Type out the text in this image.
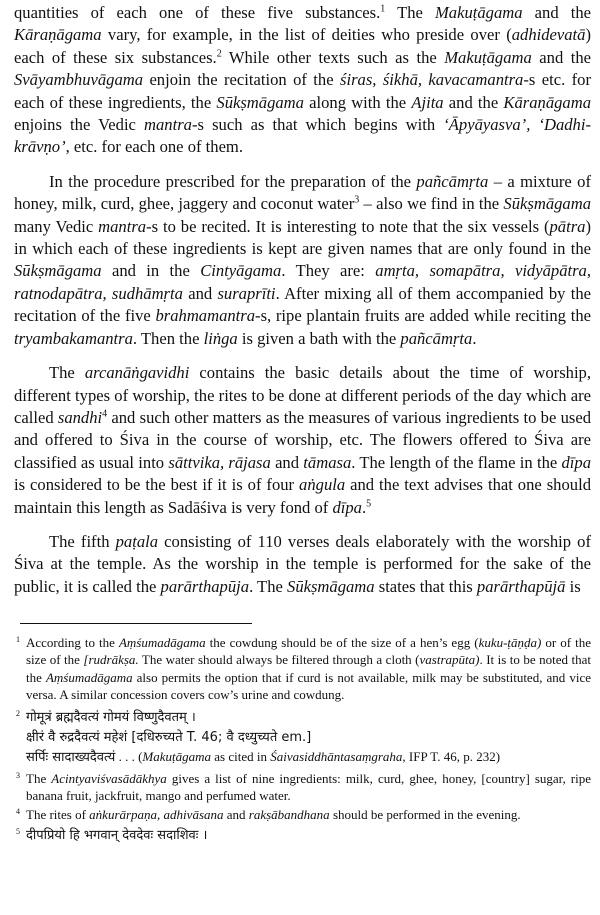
quantities of each one of these five substances.$^1$ The Makuṭāgama and the Kāraṇāgama vary, for example, in the list of deities who preside over (adhidevatā) each of these six substances.$^2$ While other texts such as the Makuṭāgama and the Svāyambhuvāgama enjoin the recitation of the śiras, śikhā, kavacamantra-s etc. for each of these ingredients, the Sūkṣmāgama along with the Ajita and the Kāraṇāgama enjoins the Vedic mantra-s such as that which begins with ‘Āpyāyasva’, ‘Dadhi-krāvṇo’, etc. for each one of them.

In the procedure prescribed for the preparation of the pañcāmṛta – a mixture of honey, milk, curd, ghee, jaggery and coconut water$^3$ – also we find in the Sūkṣmāgama many Vedic mantra-s to be recited. It is interesting to note that the six vessels (pātra) in which each of these ingredients is kept are given names that are only found in the Sūkṣmāgama and in the Cintyāgama. They are: amṛta, somapātra, vidyāpātra, ratnodapātra, sudhāmṛta and suraprīti. After mixing all of them accompanied by the recitation of the five brahmamantra-s, ripe plantain fruits are added while reciting the tryambakamantra. Then the liṅga is given a bath with the pañcāmṛta.

The arcanāṅgavidhi contains the basic details about the time of worship, different types of worship, the rites to be done at different periods of the day which are called sandhi$^4$ and such other matters as the measures of various ingredients to be used and offered to Śiva in the course of worship, etc. The flowers offered to Śiva are classified as usual into sāttvika, rājasa and tāmasa. The length of the flame in the dīpa is considered to be the best if it is of four aṅgula and the text advises that one should maintain this length as Sadāśiva is very fond of dīpa.$^5$

The fifth paṭala consisting of 110 verses deals elaborately with the worship of Śiva at the temple. As the worship in the temple is performed for the sake of the public, it is called the parārthapūja. The Sūkṣmāgama states that this parārthapūjā is

1 According to the Aṃśumadāgama the cowdung should be of the size of a hen’s egg (kuku-ṭāṇḍa) or of the size of the [rudrākṣa. The water should always be filtered through a cloth (vastrapūta). It is to be noted that the Aṃśumadāgama also permits the option that if curd is not available, milk may be substituted, and vice versa. A similar concession covers cow’s urine and cowdung.
2 गोमूत्रं ब्रह्मदैवत्यं गोमयं विष्णुदैवतम् ।
क्षीरं वै रुद्रदैवत्यं महेशं [दधिरुच्यते T. 46; वै दध्युच्यते em.]
सर्पिः सादाख्यदैवत्यं . . . (Makuṭāgama as cited in Śaivasiddhāntasaṃgraha, IFP T. 46, p. 232)
3 The Acintyaviśvasādākhya gives a list of nine ingredients: milk, curd, ghee, honey, [country] sugar, ripe banana fruit, jackfruit, mango and perfumed water.
4 The rites of aṅkurārpaṇa, adhivāsana and rakṣābandhana should be performed in the evening.
5 दीपप्रियो हि भगवान् देवदेवः सदाशिवः ।
